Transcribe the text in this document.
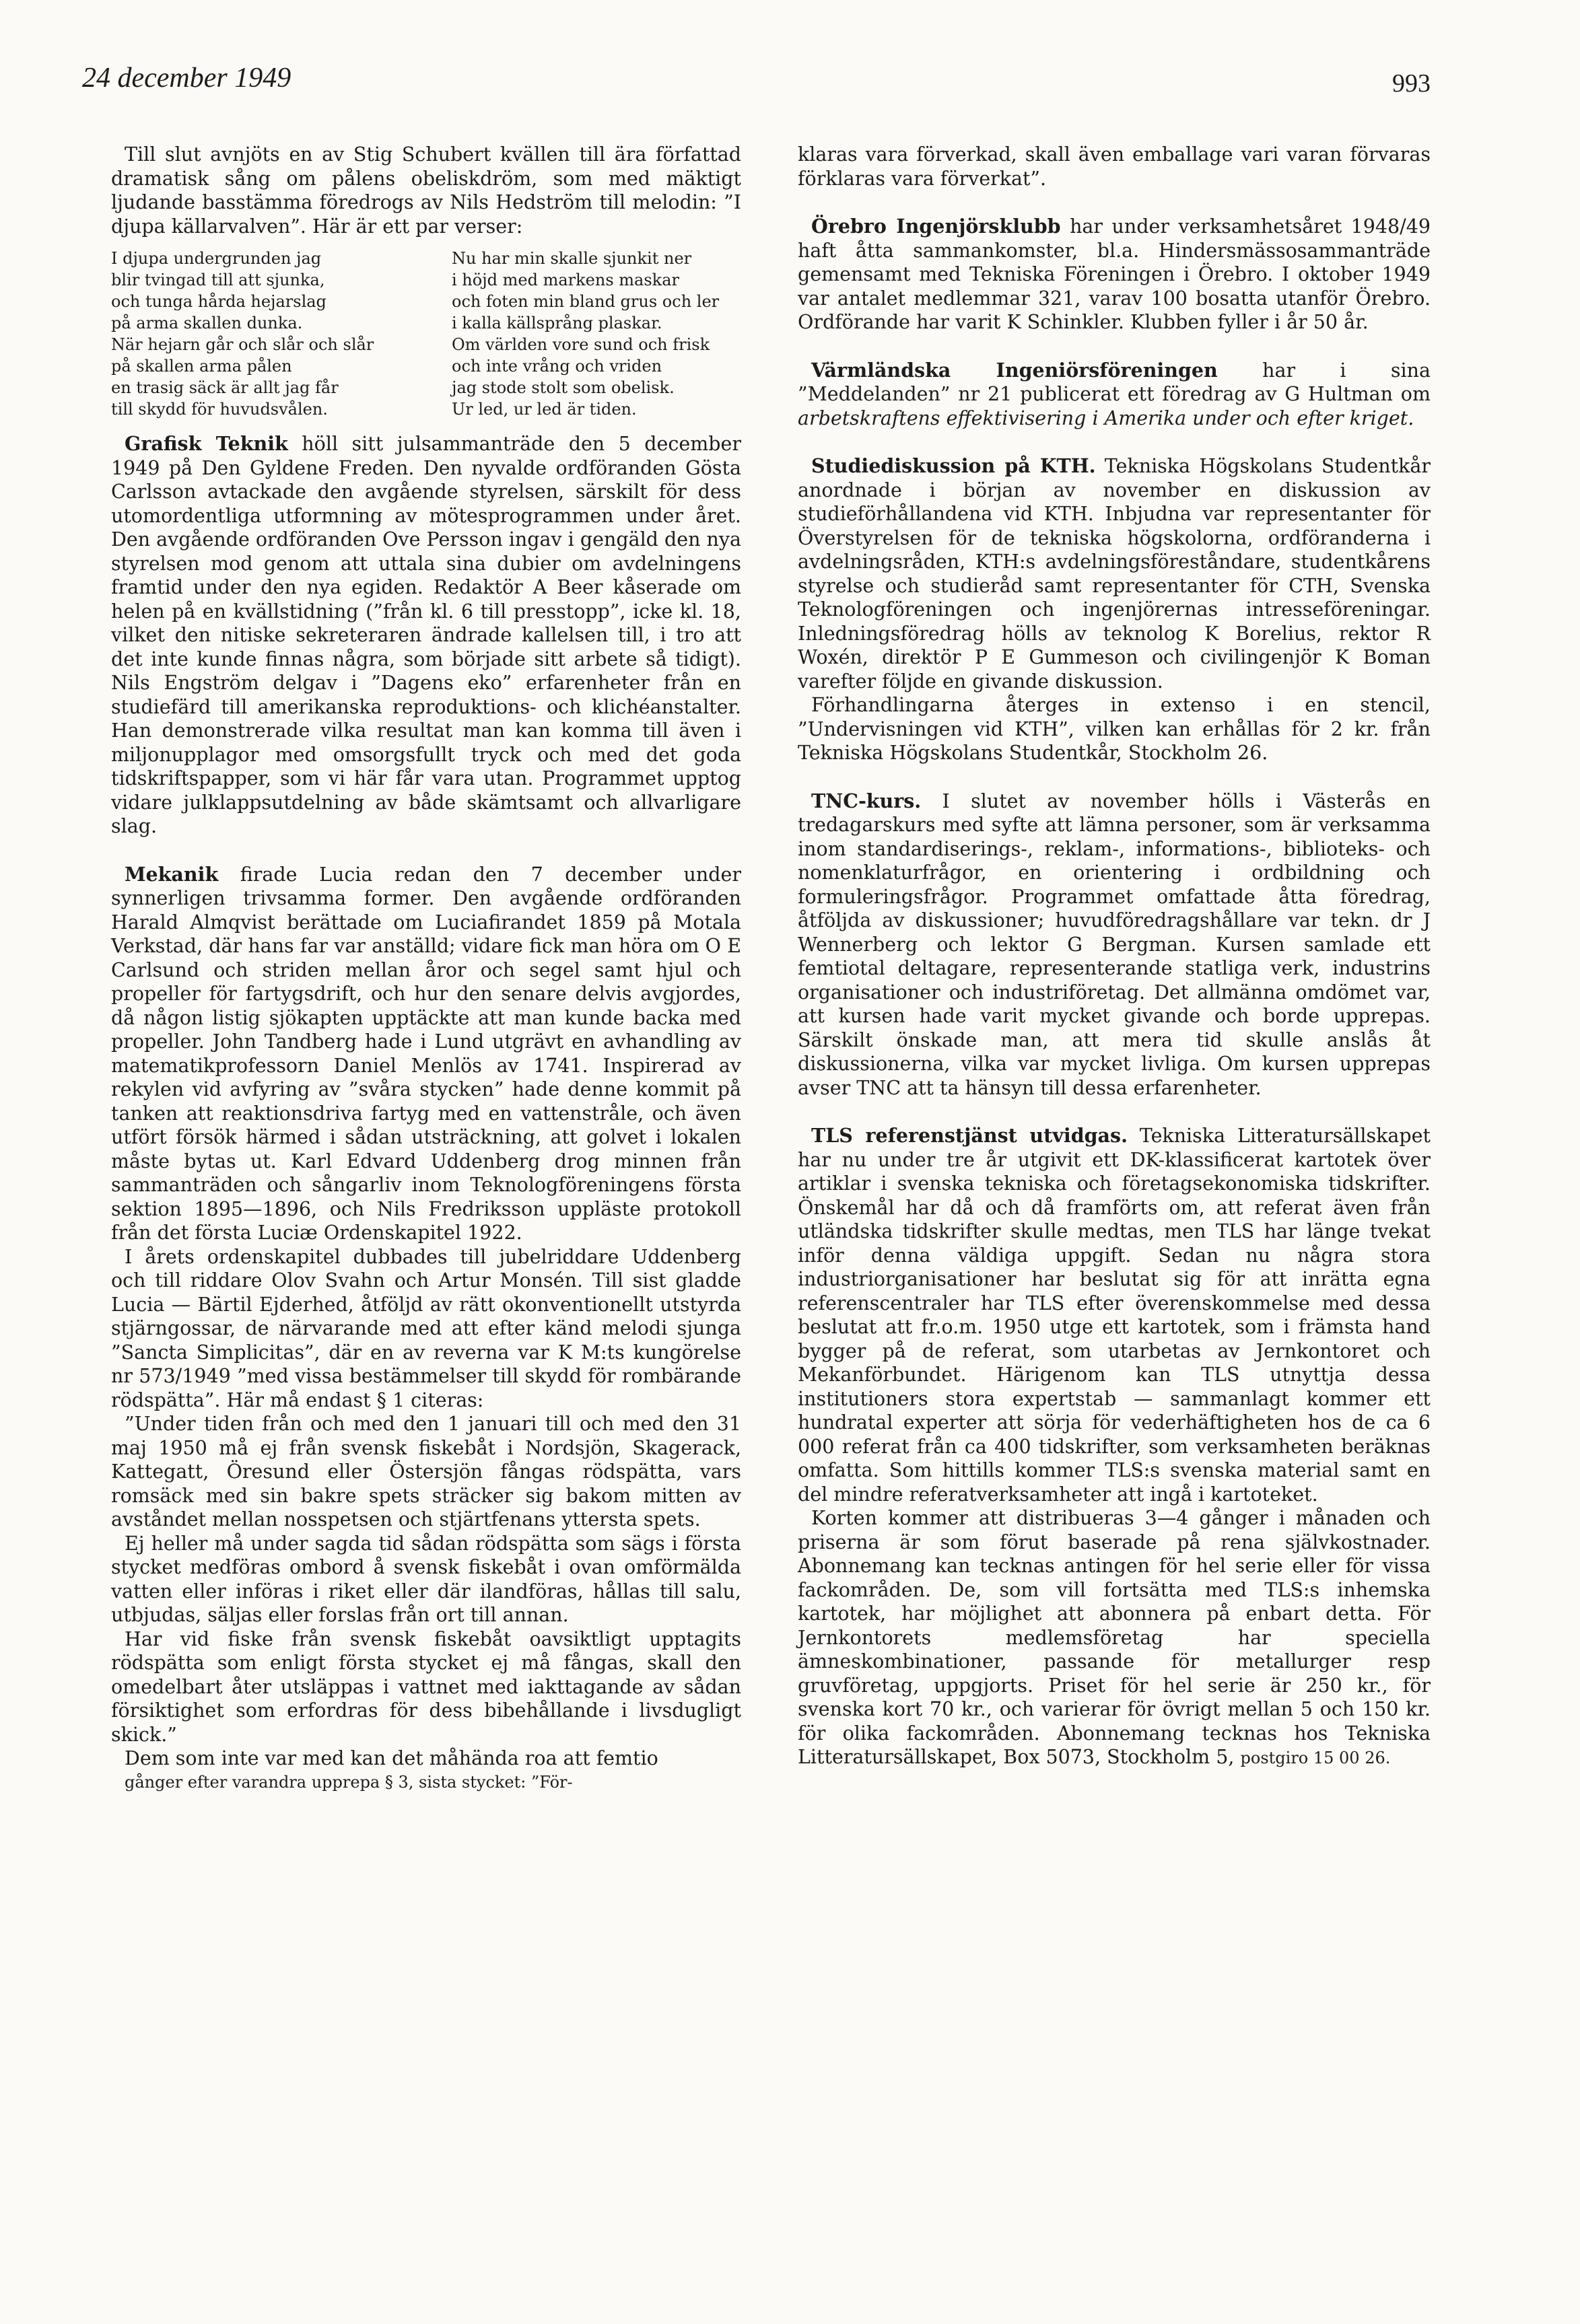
24 december 1949	993

Till slut avnjöts en av Stig Schubert kvällen till ära författad dramatisk sång om pålens obeliskdröm, som med mäktigt ljudande basstämma föredrogs av Nils Hedström till melodin: ”I djupa källarvalven”. Här är ett par verser:

I djupa undergrunden jag
blir tvingad till att sjunka,
och tunga hårda hejarslag
på arma skallen dunka.
När hejarn går och slår och slår
på skallen arma pålen
en trasig säck är allt jag får
till skydd för huvudsvålen.
Nu har min skalle sjunkit ner
i höjd med markens maskar
och foten min bland grus och ler
i kalla källsprång plaskar.
Om världen vore sund och frisk
och inte vrång och vriden
jag stode stolt som obelisk.
Ur led, ur led är tiden.

Grafisk Teknik höll sitt julsammanträde den 5 december 1949 på Den Gyldene Freden. Den nyvalde ordföranden Gösta Carlsson avtackade den avgående styrelsen, särskilt för dess utomordentliga utformning av mötesprogrammen under året. Den avgående ordföranden Ove Persson ingav i gengäld den nya styrelsen mod genom att uttala sina dubier om avdelningens framtid under den nya egiden. Redaktör A Beer kåserade om helen på en kvällstidning (”från kl. 6 till presstopp”, icke kl. 18, vilket den nitiske sekreteraren ändrade kallelsen till, i tro att det inte kunde finnas några, som började sitt arbete så tidigt). Nils Engström delgav i ”Dagens eko” erfarenheter från en studiefärd till amerikanska reproduktions- och klichéanstalter. Han demonstrerade vilka resultat man kan komma till även i miljonupplagor med omsorgsfullt tryck och med det goda tidskriftspapper, som vi här får vara utan. Programmet upptog vidare julklappsutdelning av både skämtsamt och allvarligare slag.

Mekanik firade Lucia redan den 7 december under synnerligen trivsamma former. Den avgående ordföranden Harald Almqvist berättade om Luciafirandet 1859 på Motala Verkstad, där hans far var anställd; vidare fick man höra om O E Carlsund och striden mellan åror och segel samt hjul och propeller för fartygsdrift, och hur den senare delvis avgjordes, då någon listig sjökapten upptäckte att man kunde backa med propeller. John Tandberg hade i Lund utgrävt en avhandling av matematikprofessorn Daniel Menlös av 1741. Inspirerad av rekylen vid avfyring av ”svåra stycken” hade denne kommit på tanken att reaktionsdriva fartyg med en vattenstråle, och även utfört försök härmed i sådan utsträckning, att golvet i lokalen måste bytas ut. Karl Edvard Uddenberg drog minnen från sammanträden och sångarliv inom Teknologföreningens första sektion 1895—1896, och Nils Fredriksson uppläste protokoll från det första Luciæ Ordenskapitel 1922.

I årets ordenskapitel dubbades till jubelriddare Uddenberg och till riddare Olov Svahn och Artur Monsén. Till sist gladde Lucia — Bärtil Ejderhed, åtföljd av rätt okonventionellt utstyrda stjärngossar, de närvarande med att efter känd melodi sjunga ”Sancta Simplicitas”, där en av reverna var K M:ts kungörelse nr 573/1949 ”med vissa bestämmelser till skydd för rombärande rödspätta”. Här må endast § 1 citeras:

”Under tiden från och med den 1 januari till och med den 31 maj 1950 må ej från svensk fiskebåt i Nordsjön, Skagerack, Kattegatt, Öresund eller Östersjön fångas rödspätta, vars romsäck med sin bakre spets sträcker sig bakom mitten av avståndet mellan nosspetsen och stjärtfenans yttersta spets.

Ej heller må under sagda tid sådan rödspätta som sägs i första stycket medföras ombord å svensk fiskebåt i ovan omförmälda vatten eller införas i riket eller där ilandföras, hållas till salu, utbjudas, säljas eller forslas från ort till annan.

Har vid fiske från svensk fiskebåt oavsiktligt upptagits rödspätta som enligt första stycket ej må fångas, skall den omedelbart åter utsläppas i vattnet med iakttagande av sådan försiktighet som erfordras för dess bibehållande i livsdugligt skick.”

Dem som inte var med kan det måhända roa att femtio
gånger efter varandra upprepa § 3, sista stycket: ”För-

klaras vara förverkad, skall även emballage vari varan förvaras förklaras vara förverkat”.

Örebro Ingenjörsklubb har under verksamhetsåret 1948/49 haft åtta sammankomster, bl.a. Hindersmässosammanträde gemensamt med Tekniska Föreningen i Örebro. I oktober 1949 var antalet medlemmar 321, varav 100 bosatta utanför Örebro. Ordförande har varit K Schinkler. Klubben fyller i år 50 år.

Värmländska Ingeniörsföreningen har i sina ”Meddelanden” nr 21 publicerat ett föredrag av G Hultman om arbetskraftens effektivisering i Amerika under och efter kriget.

Studiediskussion på KTH. Tekniska Högskolans Studentkår anordnade i början av november en diskussion av studieförhållandena vid KTH. Inbjudna var representanter för Överstyrelsen för de tekniska högskolorna, ordföranderna i avdelningsråden, KTH:s avdelningsföreståndare, studentkårens styrelse och studieråd samt representanter för CTH, Svenska Teknologföreningen och ingenjörernas intresseföreningar. Inledningsföredrag hölls av teknolog K Borelius, rektor R Woxén, direktör P E Gummeson och civilingenjör K Boman varefter följde en givande diskussion.

Förhandlingarna återges in extenso i en stencil, ”Undervisningen vid KTH”, vilken kan erhållas för 2 kr. från Tekniska Högskolans Studentkår, Stockholm 26.

TNC-kurs. I slutet av november hölls i Västerås en tredagarskurs med syfte att lämna personer, som är verksamma inom standardiserings-, reklam-, informations-, biblioteks- och nomenklaturfrågor, en orientering i ordbildning och formuleringsfrågor. Programmet omfattade åtta föredrag, åtföljda av diskussioner; huvudföredragshållare var tekn. dr J Wennerberg och lektor G Bergman. Kursen samlade ett femtiotal deltagare, representerande statliga verk, industrins organisationer och industriföretag. Det allmänna omdömet var, att kursen hade varit mycket givande och borde upprepas. Särskilt önskade man, att mera tid skulle anslås åt diskussionerna, vilka var mycket livliga. Om kursen upprepas avser TNC att ta hänsyn till dessa erfarenheter.

TLS referenstjänst utvidgas. Tekniska Litteratursällskapet har nu under tre år utgivit ett DK-klassificerat kartotek över artiklar i svenska tekniska och företagsekonomiska tidskrifter. Önskemål har då och då framförts om, att referat även från utländska tidskrifter skulle medtas, men TLS har länge tvekat inför denna väldiga uppgift. Sedan nu några stora industriorganisationer har beslutat sig för att inrätta egna referenscentraler har TLS efter överenskommelse med dessa beslutat att fr.o.m. 1950 utge ett kartotek, som i främsta hand bygger på de referat, som utarbetas av Jernkontoret och Mekanförbundet. Härigenom kan TLS utnyttja dessa institutioners stora expertstab — sammanlagt kommer ett hundratal experter att sörja för vederhäftigheten hos de ca 6 000 referat från ca 400 tidskrifter, som verksamheten beräknas omfatta. Som hittills kommer TLS:s svenska material samt en del mindre referatverksamheter att ingå i kartoteket.

Korten kommer att distribueras 3—4 gånger i månaden och priserna är som förut baserade på rena självkostnader. Abonnemang kan tecknas antingen för hel serie eller för vissa fackområden. De, som vill fortsätta med TLS:s inhemska kartotek, har möjlighet att abonnera på enbart detta. För Jernkontorets medlemsföretag har speciella ämneskombinationer, passande för metallurger resp gruvföretag, uppgjorts. Priset för hel serie är 250 kr., för svenska kort 70 kr., och varierar för övrigt mellan 5 och 150 kr. för olika fackområden. Abonnemang tecknas hos Tekniska Litteratursällskapet, Box 5073, Stockholm 5, postgiro 15 00 26.
